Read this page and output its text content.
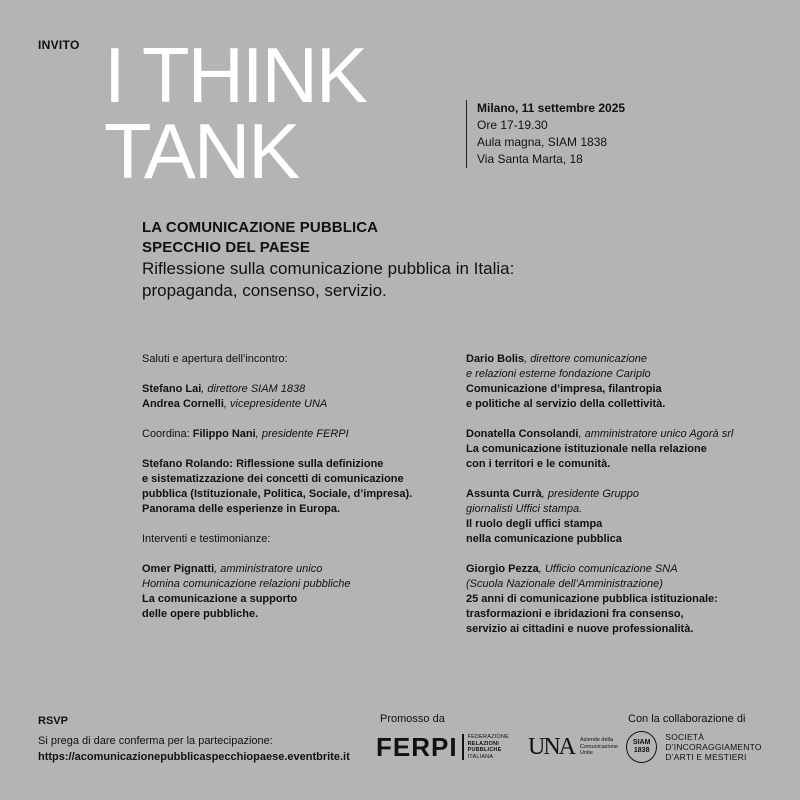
INVITO I THINK
TANK	Milano, 11 settembre 2025
Ore 17-19.30
Aula magna, SIAM 1838
Via Santa Marta, 18
LA COMUNICAZIONE PUBBLICA
SPECCHIO DEL PAESE
Riflessione sulla comunicazione pubblica in Italia:
propaganda, consenso, servizio.
Saluti e apertura dell’incontro:
Stefano Lai, direttore SIAM 1838
Andrea Cornelli, vicepresidente UNA
Coordina: Filippo Nani, presidente FERPI
Stefano Rolando: Riflessione sulla definizione
e sistematizzazione dei concetti di comunicazione
pubblica (Istituzionale, Politica, Sociale, d’impresa).
Panorama delle esperienze in Europa.
Interventi e testimonianze:
Omer Pignatti, amministratore unico
Homina comunicazione relazioni pubbliche
La comunicazione a supporto
delle opere pubbliche.
Dario Bolis, direttore comunicazione
e relazioni esterne fondazione Cariplo
Comunicazione d’impresa, filantropia
e politiche al servizio della collettività.
Donatella Consolandi, amministratore unico Agorà srl
La comunicazione istituzionale nella relazione
con i territori e le comunità.
Assunta Currà, presidente Gruppo
giornalisti Uffici stampa.
Il ruolo degli uffici stampa
nella comunicazione pubblica
Giorgio Pezza, Ufficio comunicazione SNA
(Scuola Nazionale dell’Amministrazione)
25 anni di comunicazione pubblica istituzionale:
trasformazioni e ibridazioni fra consenso,
servizio ai cittadini e nuove professionalità.
RSVP
Si prega di dare conferma per la partecipazione:
https://acomunicazionepubblicaspecchiopaese.eventbrite.it
Promosso da	Con la collaborazione di
FERPI FEDERAZIONE
RELAZIONI
PUBBLICHE
ITALIANA	UNA Aziende della
Comunicazione
Unite
SIAM
1838
SOCIETÀ D’INCORAGGIAMENTO
D’ARTI E MESTIERI
